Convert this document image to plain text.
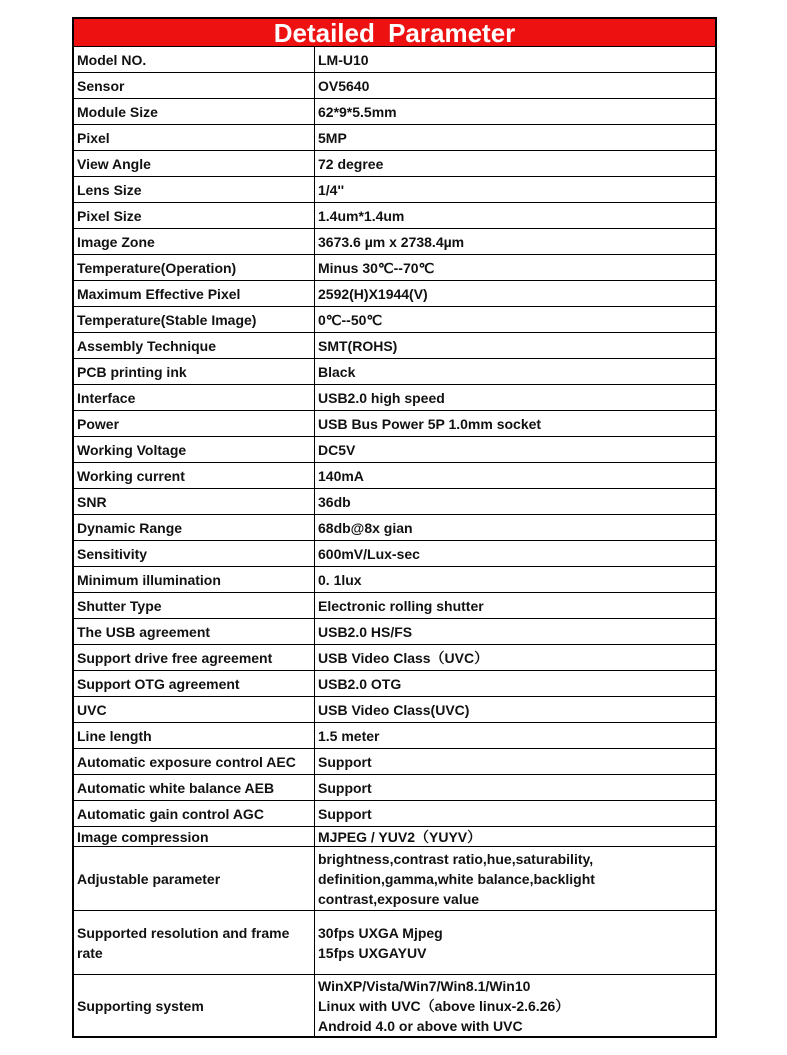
Detailed Parameter
Model NO.	LM-U10

Sensor	OV5640

Module Size	62*9*5.5mm

Pixel	5MP

View Angle	72 degree

Lens Size	1/4''

Pixel Size	1.4um*1.4um

Image Zone	3673.6 µm x 2738.4µm

Temperature(Operation)	Minus 30℃--70℃

Maximum Effective Pixel	2592(H)X1944(V)

Temperature(Stable Image)	0℃--50℃

Assembly Technique	SMT(ROHS)

PCB printing ink	Black

Interface	USB2.0 high speed

Power	USB Bus Power 5P 1.0mm socket

Working Voltage	DC5V

Working current	140mA

SNR	36db

Dynamic Range	68db@8x gian

Sensitivity	600mV/Lux-sec

Minimum illumination	0. 1lux

Shutter Type	Electronic rolling shutter

The USB agreement	USB2.0 HS/FS

Support drive free agreement	USB Video Class（UVC）

Support OTG agreement	USB2.0 OTG

UVC	USB Video Class(UVC)

Line length	1.5 meter

Automatic exposure control AEC	Support

Automatic white balance AEB	Support

Automatic gain control AGC	Support

Image compression	MJPEG / YUV2（YUYV）

Adjustable parameter	brightness,contrast ratio,hue,saturability,
definition,gamma,white balance,backlight
contrast,exposure value

Supported resolution and frame rate	30fps UXGA Mjpeg
15fps UXGAYUV

Supporting system	WinXP/Vista/Win7/Win8.1/Win10
Linux with UVC（above linux-2.6.26）
Android 4.0 or above with UVC
